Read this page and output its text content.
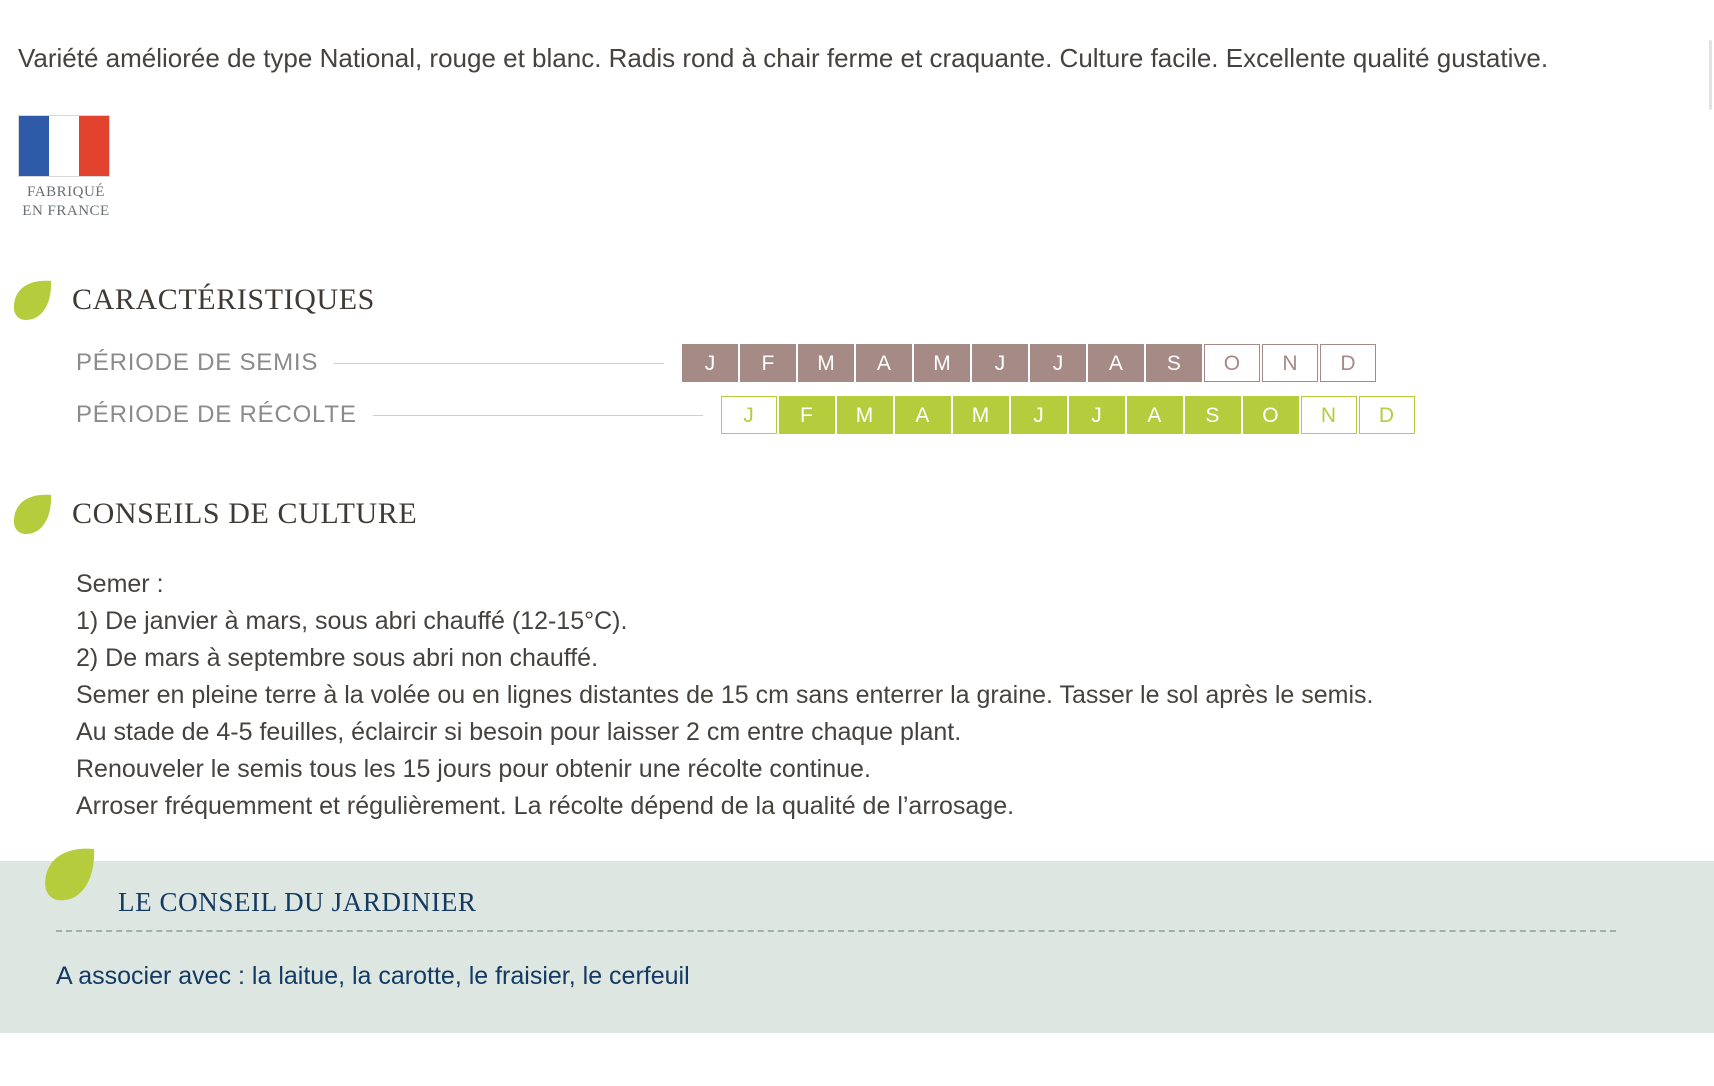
Variété améliorée de type National, rouge et blanc. Radis rond à chair ferme et craquante. Culture facile. Excellente qualité gustative.

FABRIQUÉ
EN FRANCE
CARACTÉRISTIQUES
PÉRIODE DE SEMIS	J	F	M	A	M	J	J	A	S	O	N	D
PÉRIODE DE RÉCOLTE	J	F	M	A	M	J	J	A	S	O	N	D
CONSEILS DE CULTURE
Semer :
1) De janvier à mars, sous abri chauffé (12-15°C).
2) De mars à septembre sous abri non chauffé.
Semer en pleine terre à la volée ou en lignes distantes de 15 cm sans enterrer la graine. Tasser le sol après le semis.
Au stade de 4-5 feuilles, éclaircir si besoin pour laisser 2 cm entre chaque plant.
Renouveler le semis tous les 15 jours pour obtenir une récolte continue.
Arroser fréquemment et régulièrement. La récolte dépend de la qualité de l’arrosage.
LE CONSEIL DU JARDINIER
A associer avec : la laitue, la carotte, le fraisier, le cerfeuil
